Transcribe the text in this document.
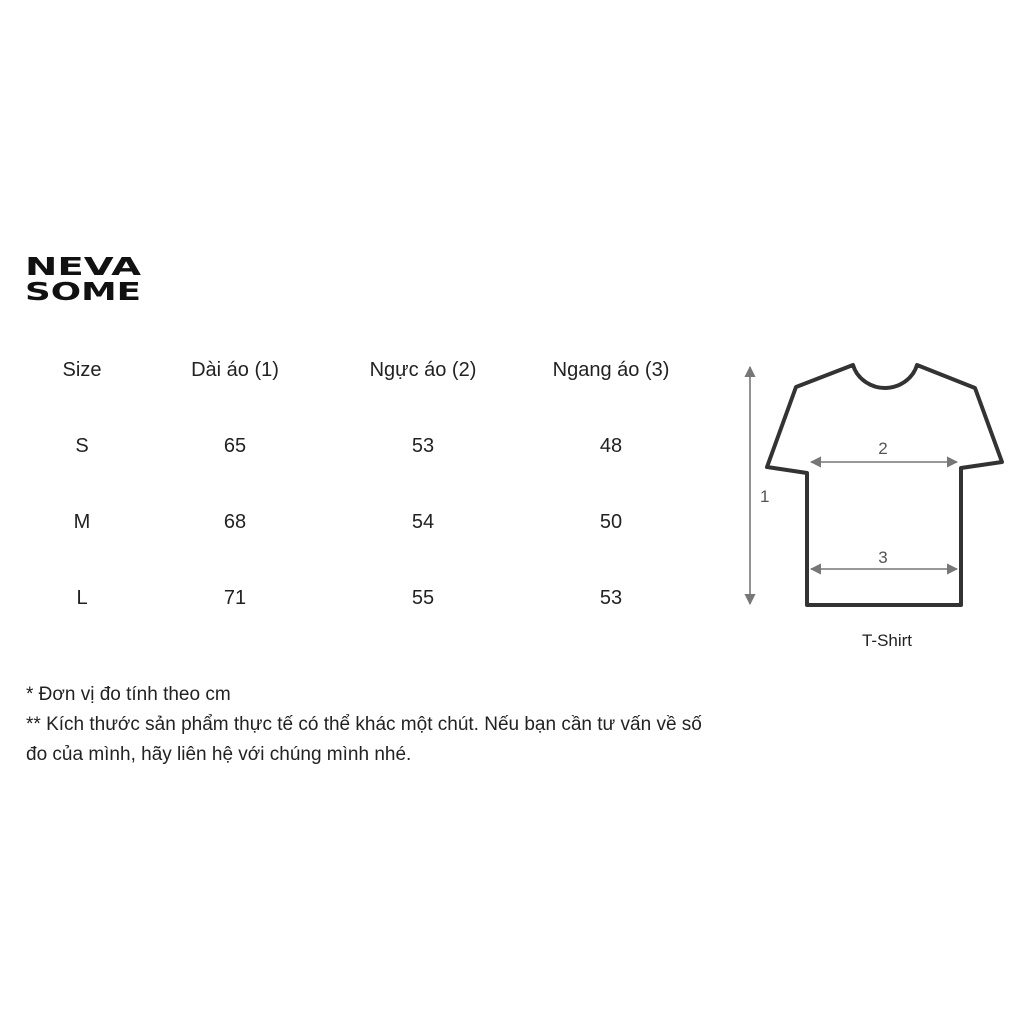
NEVA
SOME
Size	Dài áo (1)	Ngực áo (2)	Ngang áo (3)
S	65	53	48
M	68	54	50
L	71	55	53
1
2
3
T-Shirt

* Đơn vị đo tính theo cm

** Kích thước sản phẩm thực tế có thể khác một chút. Nếu bạn cần tư vấn về số đo của mình, hãy liên hệ với chúng mình nhé.
